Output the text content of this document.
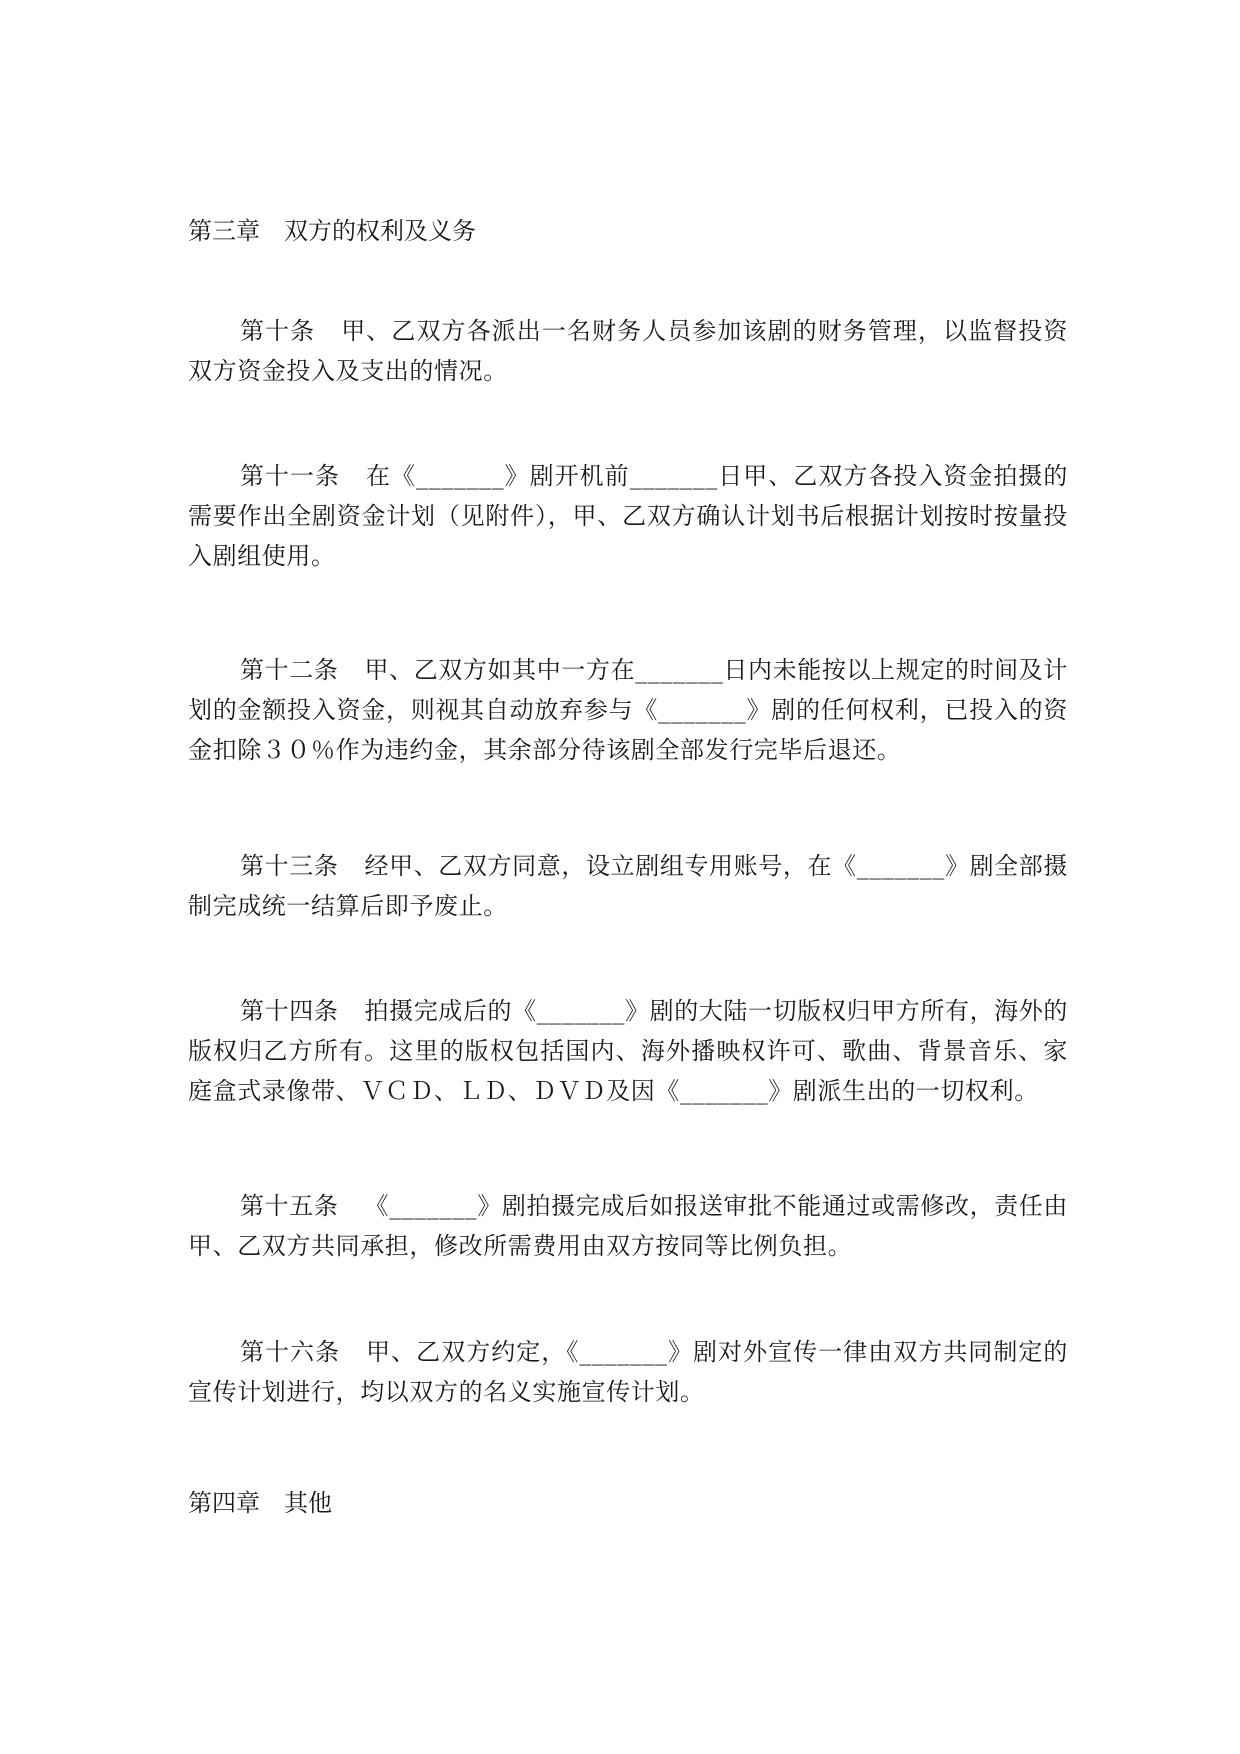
第三章 双方的权利及义务

第十条 甲、乙双方各派出一名财务人员参加该剧的财务管理，以监督投资双方资金投入及支出的情况。

第十一条 在《_______》剧开机前_______日甲、乙双方各投入资金拍摄的需要作出全剧资金计划（见附件），甲、乙双方确认计划书后根据计划按时按量投入剧组使用。

第十二条 甲、乙双方如其中一方在_______日内未能按以上规定的时间及计划的金额投入资金，则视其自动放弃参与《_______》剧的任何权利，已投入的资金扣除３０％作为违约金，其余部分待该剧全部发行完毕后退还。

第十三条 经甲、乙双方同意，设立剧组专用账号，在《_______》剧全部摄制完成统一结算后即予废止。

第十四条 拍摄完成后的《_______》剧的大陆一切版权归甲方所有，海外的版权归乙方所有。这里的版权包括国内、海外播映权许可、歌曲、背景音乐、家庭盒式录像带、ＶＣＤ、ＬＤ、ＤＶＤ及因《_______》剧派生出的一切权利。

第十五条 《_______》剧拍摄完成后如报送审批不能通过或需修改，责任由甲、乙双方共同承担，修改所需费用由双方按同等比例负担。

第十六条 甲、乙双方约定，《_______》剧对外宣传一律由双方共同制定的宣传计划进行，均以双方的名义实施宣传计划。

第四章 其他
